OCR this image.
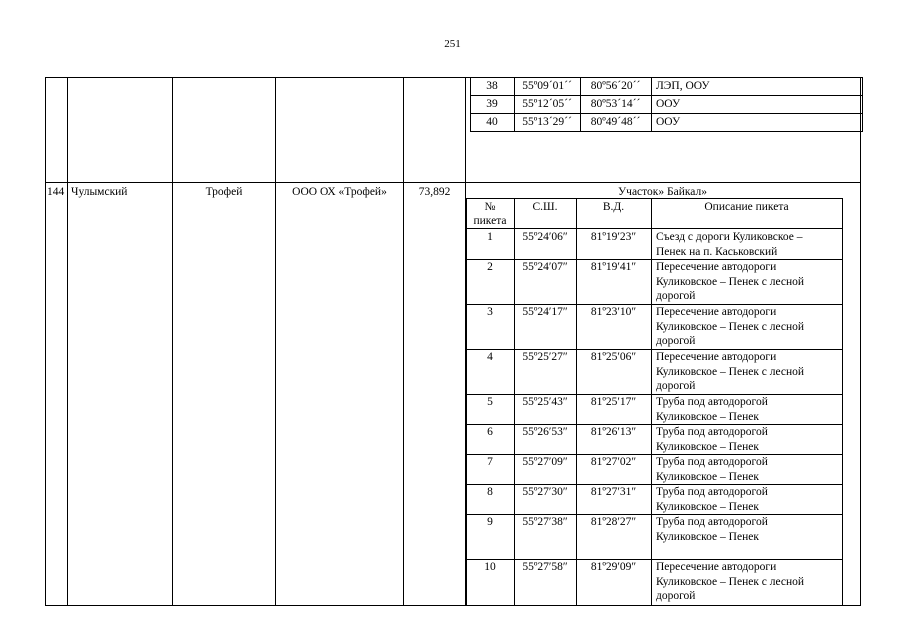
251
38	55º09´01´´	80º56´20´´	ЛЭП, ООУ
39	55º12´05´´	80º53´14´´	ООУ
40	55º13´29´´	80º49´48´´	ООУ
144 Чулымский	Трофей	ООО ОХ «Трофей»	73,892	Участок» Байкал»
№
пикета
С.Ш.	В.Д.	Описание пикета
1	55º24′06″	81º19′23″	Съезд с дороги Куликовское –
Пенек на п. Каськовский
2	55º24′07″	81º19′41″	Пересечение автодороги
Куликовское – Пенек с лесной
дорогой
3	55º24′17″	81º23′10″	Пересечение автодороги
Куликовское – Пенек с лесной
дорогой
4	55º25′27″	81º25′06″	Пересечение автодороги
Куликовское – Пенек с лесной
дорогой
5	55º25′43″	81º25′17″	Труба под автодорогой
Куликовское – Пенек
6	55º26′53″	81º26′13″	Труба под автодорогой
Куликовское – Пенек
7	55º27′09″	81º27′02″	Труба под автодорогой
Куликовское – Пенек
8	55º27′30″	81º27′31″	Труба под автодорогой
Куликовское – Пенек
9	55º27′38″	81º28′27″	Труба под автодорогой
Куликовское – Пенек
10	55º27′58″	81º29′09″	Пересечение автодороги
Куликовское – Пенек с лесной
дорогой
